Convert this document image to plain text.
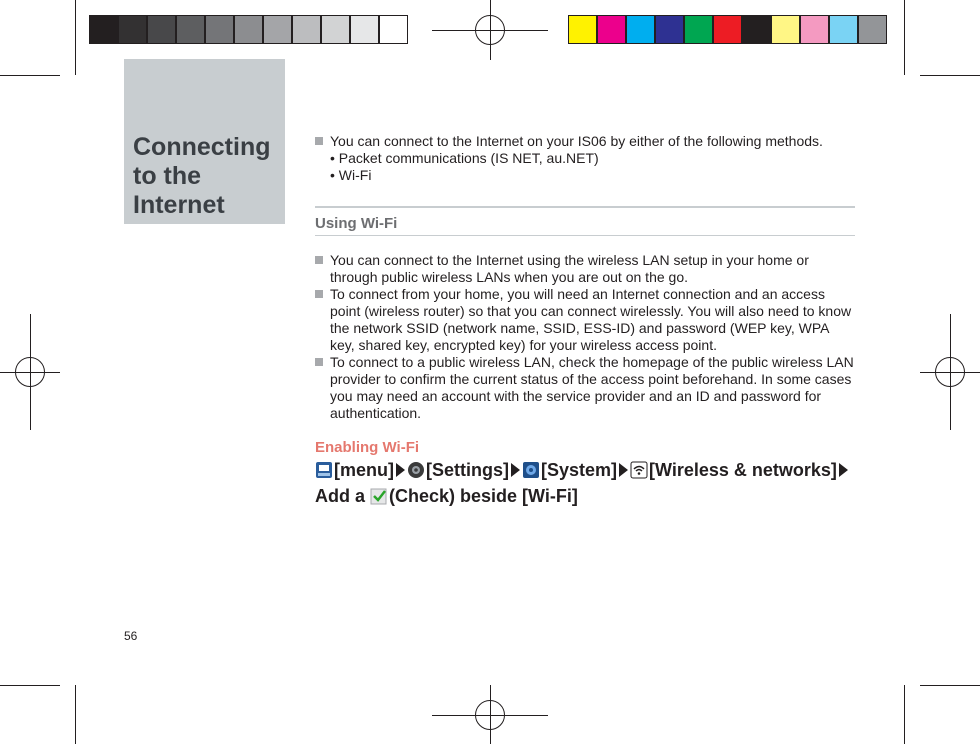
Connecting to the Internet
You can connect to the Internet on your IS06 by either of the following methods.
• Packet communications (IS NET, au.NET)
• Wi-Fi
Using Wi-Fi
You can connect to the Internet using the wireless LAN setup in your home or through public wireless LANs when you are out on the go.
To connect from your home, you will need an Internet connection and an access point (wireless router) so that you can connect wirelessly. You will also need to know the network SSID (network name, SSID, ESS-ID) and password (WEP key, WPA key, shared key, encrypted key) for your wireless access point.
To connect to a public wireless LAN, check the homepage of the public wireless LAN provider to confirm the current status of the access point beforehand. In some cases you may need an account with the service provider and an ID and password for authentication.
Enabling Wi-Fi
[menu] [Settings] [System] [Wireless & networks]Add a (Check) beside [Wi-Fi]
56
